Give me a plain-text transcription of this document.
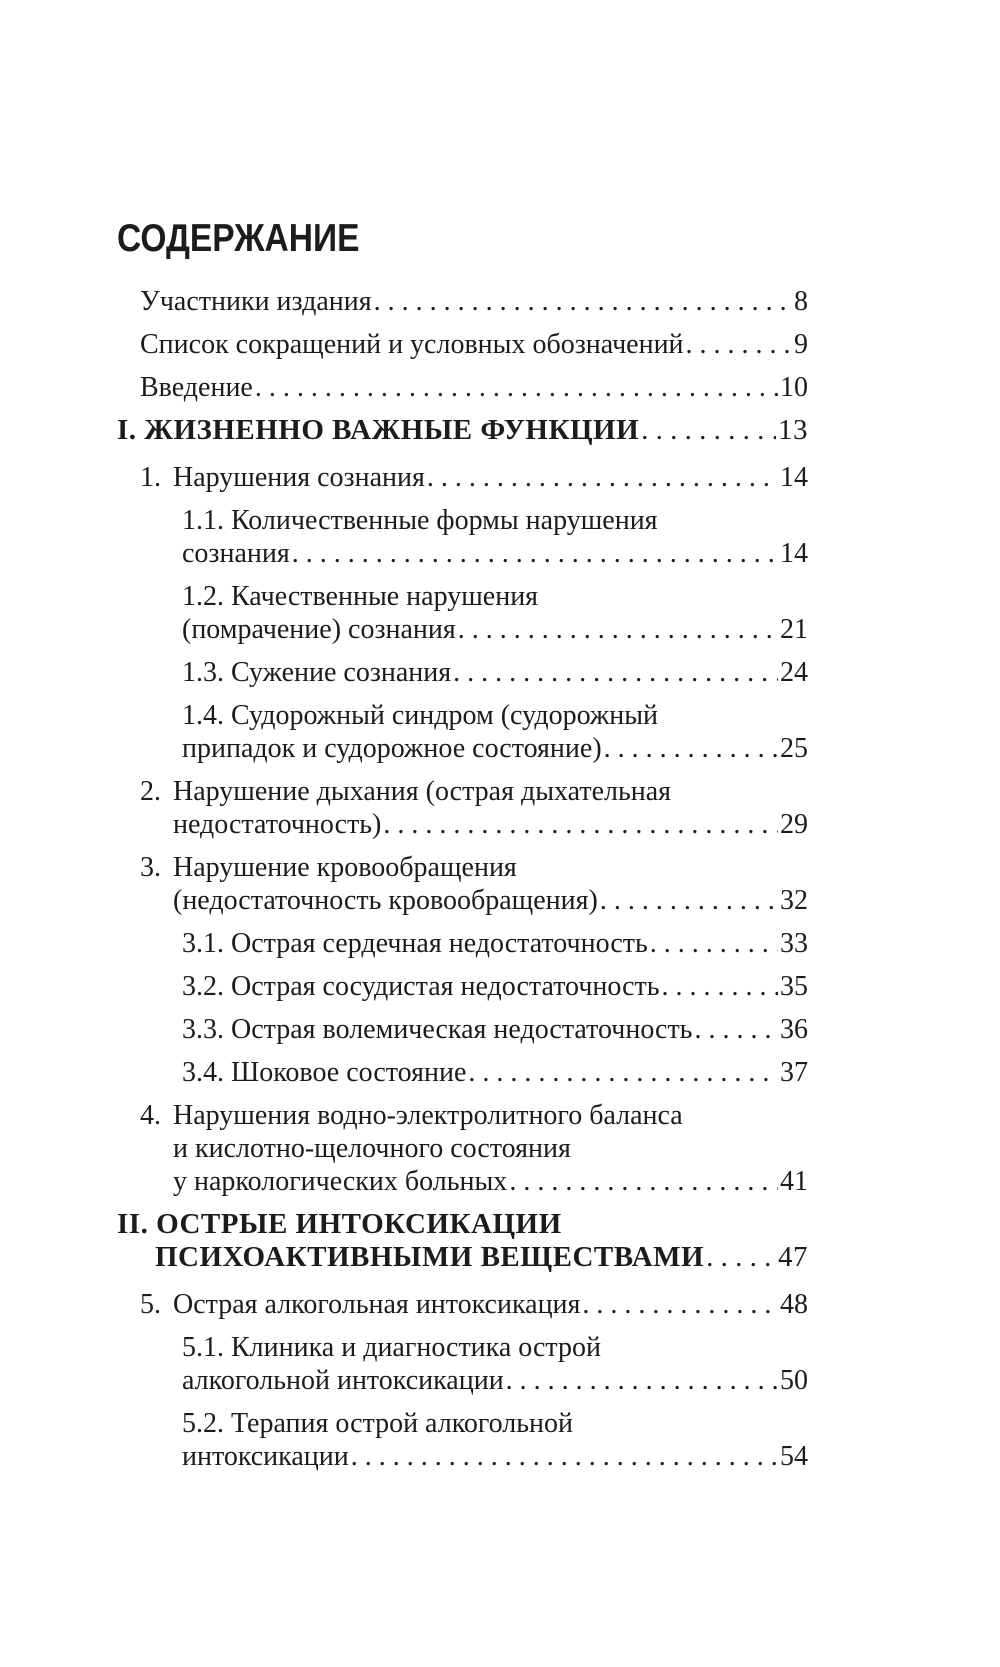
СОДЕРЖАНИЕ
Участники издания . . .	8
Список сокращений и условных обозначений . . .	9
Введение . . .	10
I. ЖИЗНЕННО ВАЖНЫЕ ФУНКЦИИ . . .	13
1. Нарушения сознания . . .	14
1.1. Количественные формы нарушения
сознания . . .	14
1.2. Качественные нарушения
(помрачение) сознания . . .	21
1.3. Сужение сознания . . .	24
1.4. Судорожный синдром (судорожный
припадок и судорожное состояние) . . .	25
2. Нарушение дыхания (острая дыхательная
недостаточность) . . .	29
3. Нарушение кровообращения
(недостаточность кровообращения) . . .	32
3.1. Острая сердечная недостаточность . . .	33
3.2. Острая сосудистая недостаточность . . .	35
3.3. Острая волемическая недостаточность . . .	36
3.4. Шоковое состояние . . .	37
4. Нарушения водно-электролитного баланса
и кислотно-щелочного состояния
у наркологических больных . . .	41
II. ОСТРЫЕ ИНТОКСИКАЦИИ
ПСИХОАКТИВНЫМИ ВЕЩЕСТВАМИ . . .	47
5. Острая алкогольная интоксикация . . .	48
5.1. Клиника и диагностика острой
алкогольной интоксикации . . .	50
5.2. Терапия острой алкогольной
интоксикации . . .	54
